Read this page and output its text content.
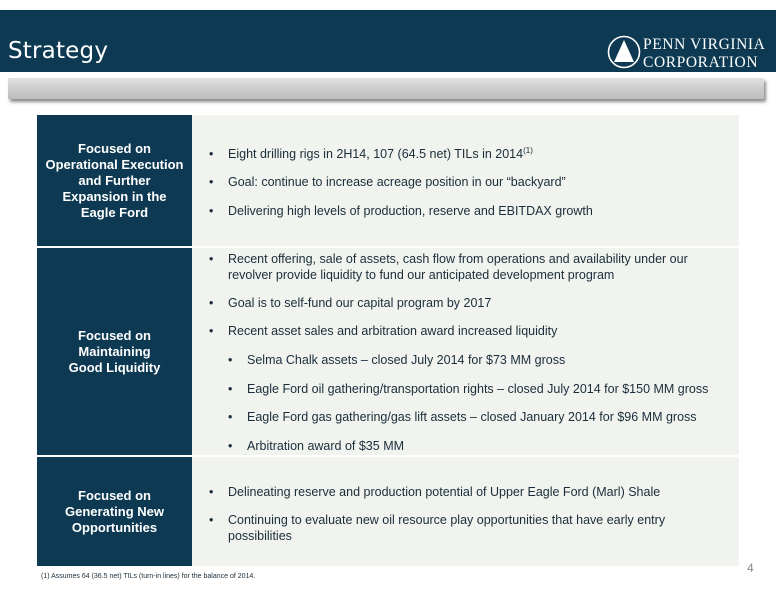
Strategy	PENN VIRGINIA
CORPORATION
Focused on
Operational Execution
and Further
Expansion in the
Eagle Ford
• Eight drilling rigs in 2H14, 107 (64.5 net) TILs in 2014$^{(1)}$
• Goal: continue to increase acreage position in our “backyard”
• Delivering high levels of production, reserve and EBITDAX growth
Focused on
Maintaining
Good Liquidity
• Recent offering, sale of assets, cash flow from operations and availability under our
revolver provide liquidity to fund our anticipated development program
• Goal is to self-fund our capital program by 2017
• Recent asset sales and arbitration award increased liquidity
• Selma Chalk assets – closed July 2014 for $73 MM gross
• Eagle Ford oil gathering/transportation rights – closed July 2014 for $150 MM gross
• Eagle Ford gas gathering/gas lift assets – closed January 2014 for $96 MM gross
• Arbitration award of $35 MM
Focused on
Generating New
Opportunities
• Delineating reserve and production potential of Upper Eagle Ford (Marl) Shale
• Continuing to evaluate new oil resource play opportunities that have early entry
possibilities
4
(1) Assumes 64 (36.5 net) TILs (turn-in lines) for the balance of 2014.
